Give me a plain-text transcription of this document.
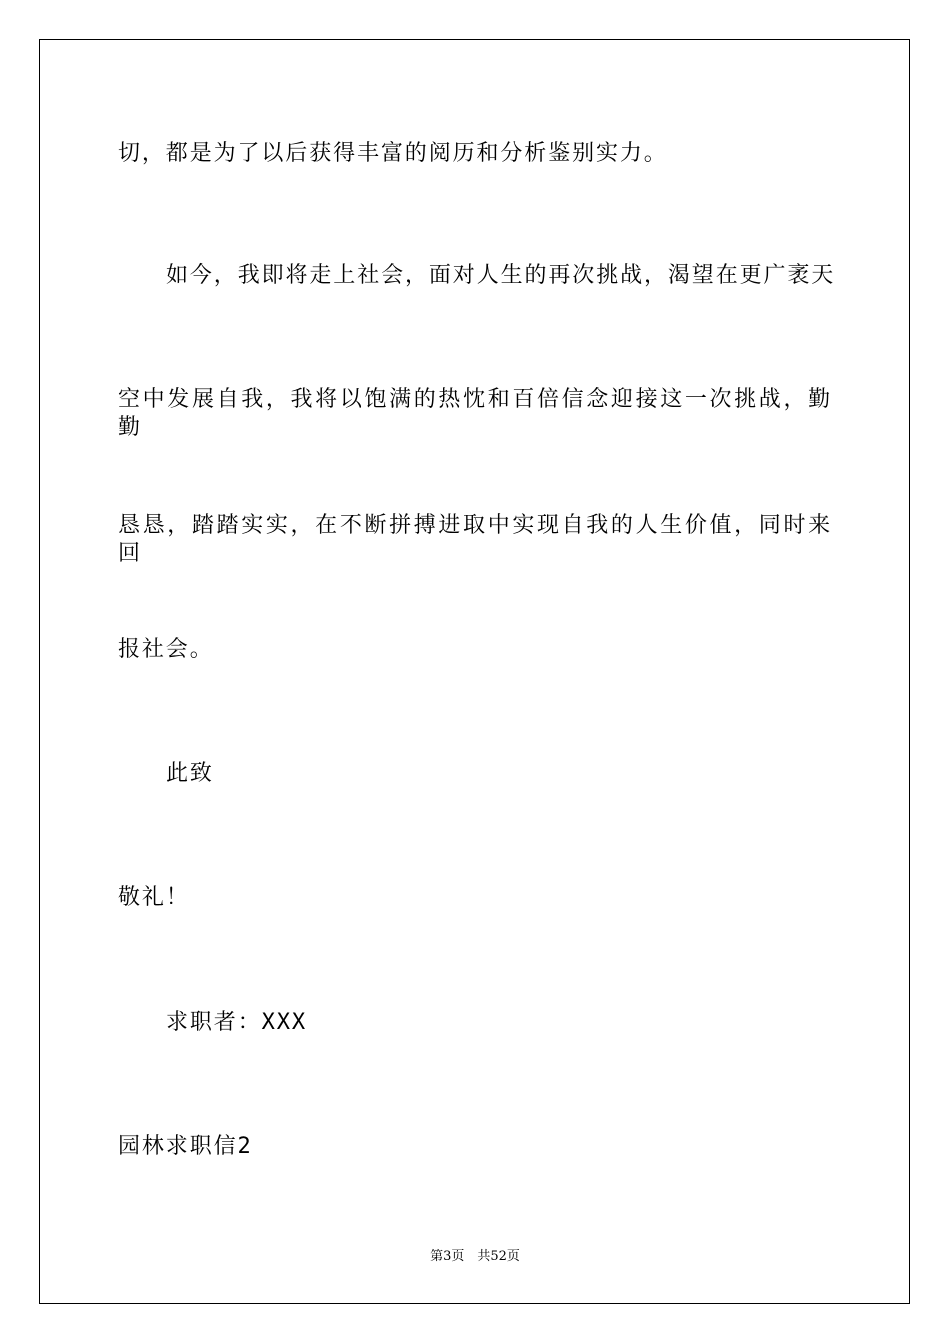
切，都是为了以后获得丰富的阅历和分析鉴别实力。
如今，我即将走上社会，面对人生的再次挑战，渴望在更广袤天
空中发展自我，我将以饱满的热忱和百倍信念迎接这一次挑战，勤勤
恳恳，踏踏实实，在不断拼搏进取中实现自我的人生价值，同时来回
报社会。
此致
敬礼！
求职者：XXX
园林求职信2
第3页　共52页
